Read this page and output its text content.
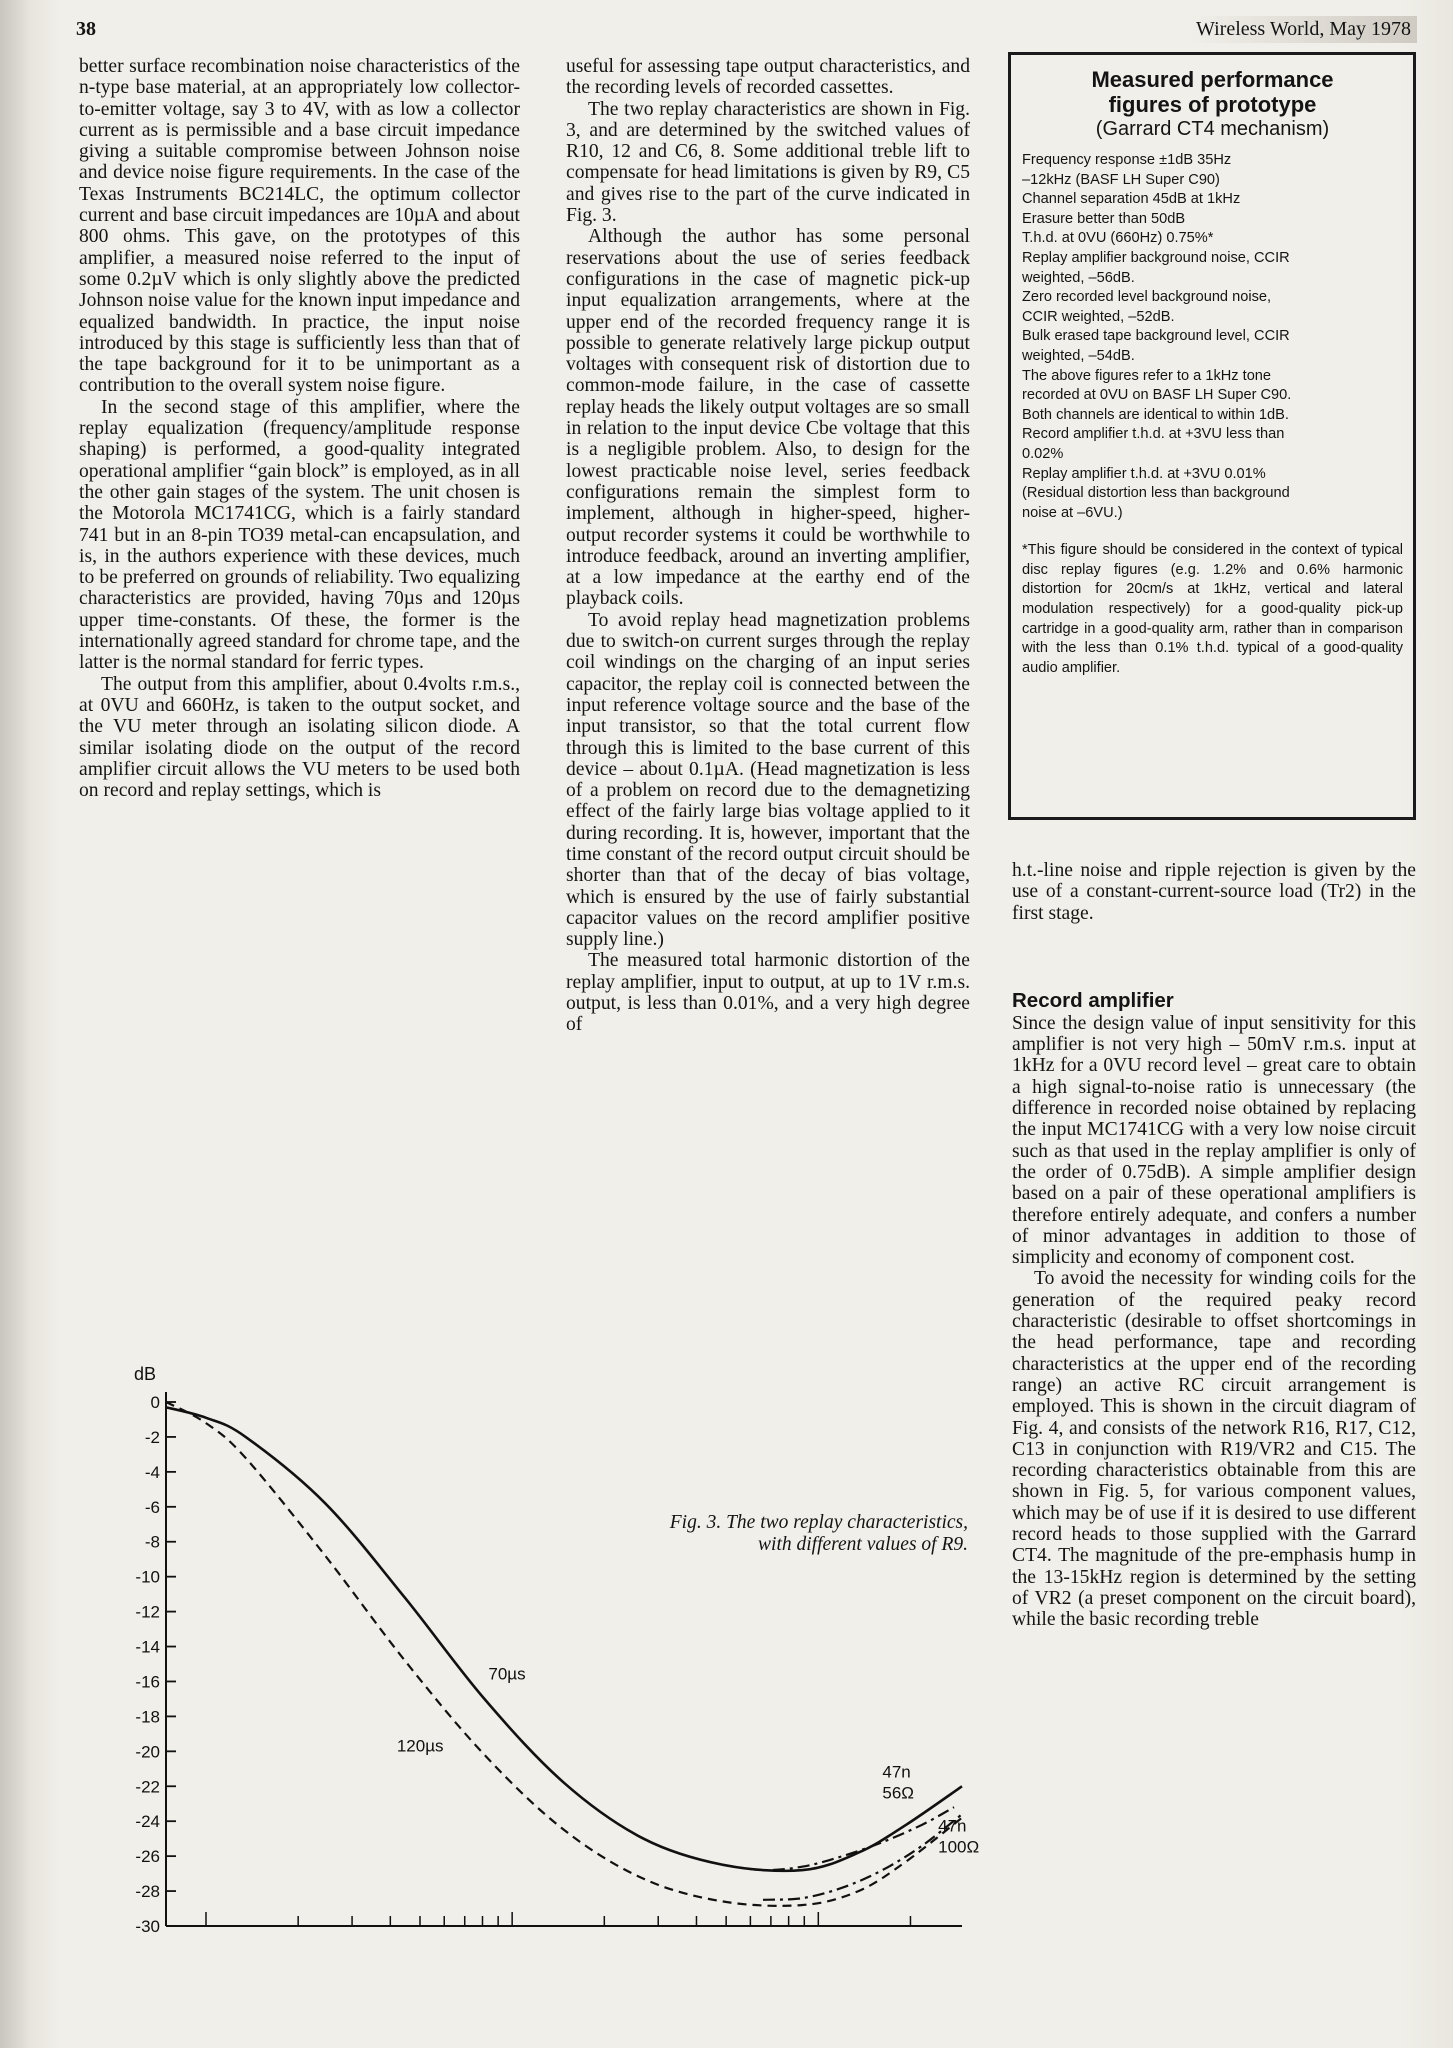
38	Wireless World, May 1978

better surface recombination noise characteristics of the n-type base material, at an appropriately low collector-to-emitter voltage, say 3 to 4V, with as low a collector current as is permissible and a base circuit impedance giving a suitable compromise between Johnson noise and device noise figure requirements. In the case of the Texas Instruments BC214LC, the optimum collector current and base circuit impedances are 10µA and about 800 ohms. This gave, on the prototypes of this amplifier, a measured noise referred to the input of some 0.2µV which is only slightly above the predicted Johnson noise value for the known input impedance and equalized bandwidth. In practice, the input noise introduced by this stage is sufficiently less than that of the tape background for it to be unimportant as a contribution to the overall system noise figure.

In the second stage of this amplifier, where the replay equalization (frequency/amplitude response shaping) is performed, a good-quality integrated operational amplifier “gain block” is employed, as in all the other gain stages of the system. The unit chosen is the Motorola MC1741CG, which is a fairly standard 741 but in an 8-pin TO39 metal-can encapsulation, and is, in the authors experience with these devices, much to be preferred on grounds of reliability. Two equalizing characteristics are provided, having 70µs and 120µs upper time-constants. Of these, the former is the internationally agreed standard for chrome tape, and the latter is the normal standard for ferric types.

The output from this amplifier, about 0.4volts r.m.s., at 0VU and 660Hz, is taken to the output socket, and the VU meter through an isolating silicon diode. A similar isolating diode on the output of the record amplifier circuit allows the VU meters to be used both on record and replay settings, which is

useful for assessing tape output characteristics, and the recording levels of recorded cassettes.

The two replay characteristics are shown in Fig. 3, and are determined by the switched values of R10, 12 and C6, 8. Some additional treble lift to compensate for head limitations is given by R9, C5 and gives rise to the part of the curve indicated in Fig. 3.

Although the author has some personal reservations about the use of series feedback configurations in the case of magnetic pick-up input equalization arrangements, where at the upper end of the recorded frequency range it is possible to generate relatively large pickup output voltages with consequent risk of distortion due to common-mode failure, in the case of cassette replay heads the likely output voltages are so small in relation to the input device Cbe voltage that this is a negligible problem. Also, to design for the lowest practicable noise level, series feedback configurations remain the simplest form to implement, although in higher-speed, higher-output recorder systems it could be worthwhile to introduce feedback, around an inverting amplifier, at a low impedance at the earthy end of the playback coils.

To avoid replay head magnetization problems due to switch-on current surges through the replay coil windings on the charging of an input series capacitor, the replay coil is connected between the input reference voltage source and the base of the input transistor, so that the total current flow through this is limited to the base current of this device – about 0.1µA. (Head magnetization is less of a problem on record due to the demagnetizing effect of the fairly large bias voltage applied to it during recording. It is, however, important that the time constant of the record output circuit should be shorter than that of the decay of bias voltage, which is ensured by the use of fairly substantial capacitor values on the record amplifier positive supply line.)

The measured total harmonic distortion of the replay amplifier, input to output, at up to 1V r.m.s. output, is less than 0.01%, and a very high degree of

Measured performance
figures of prototype
(Garrard CT4 mechanism)
Frequency response ±1dB 35Hz
–12kHz (BASF LH Super C90)
Channel separation 45dB at 1kHz
Erasure better than 50dB
T.h.d. at 0VU (660Hz) 0.75%*
Replay amplifier background noise, CCIR
weighted, –56dB.
Zero recorded level background noise,
CCIR weighted, –52dB.
Bulk erased tape background level, CCIR
weighted, –54dB.
The above figures refer to a 1kHz tone
recorded at 0VU on BASF LH Super C90.
Both channels are identical to within 1dB.
Record amplifier t.h.d. at +3VU less than
0.02%
Replay amplifier t.h.d. at +3VU 0.01%
(Residual distortion less than background
noise at –6VU.)
*This figure should be considered in the context of typical disc replay figures (e.g. 1.2% and 0.6% harmonic distortion for 20cm/s at 1kHz, vertical and lateral modulation respectively) for a good-quality pick-up cartridge in a good-quality arm, rather than in comparison with the less than 0.1% t.h.d. typical of a good-quality audio amplifier.

h.t.-line noise and ripple rejection is given by the use of a constant-current-source load (Tr2) in the first stage.

Record amplifier

Since the design value of input sensitivity for this amplifier is not very high – 50mV r.m.s. input at 1kHz for a 0VU record level – great care to obtain a high signal-to-noise ratio is unnecessary (the difference in recorded noise obtained by replacing the input MC1741CG with a very low noise circuit such as that used in the replay amplifier is only of the order of 0.75dB). A simple amplifier design based on a pair of these operational amplifiers is therefore entirely adequate, and confers a number of minor advantages in addition to those of simplicity and economy of component cost.

To avoid the necessity for winding coils for the generation of the required peaky record characteristic (desirable to offset shortcomings in the head performance, tape and recording characteristics at the upper end of the recording range) an active RC circuit arrangement is employed. This is shown in the circuit diagram of Fig. 4, and consists of the network R16, R17, C12, C13 in conjunction with R19/VR2 and C15. The recording characteristics obtainable from this are shown in Fig. 5, for various component values, which may be of use if it is desired to use different record heads to those supplied with the Garrard CT4. The magnitude of the pre-emphasis hump in the 13-15kHz region is determined by the setting of VR2 (a preset component on the circuit board), while the basic recording treble

dB
0
-2
-4
-6
-8
-10
-12
-14
-16
-18
-20
-22
-24
-26
-28
-30
70µs
120µs
47n
56Ω
47n
100Ω
Fig. 3. The two replay characteristics,
with different values of R9.
